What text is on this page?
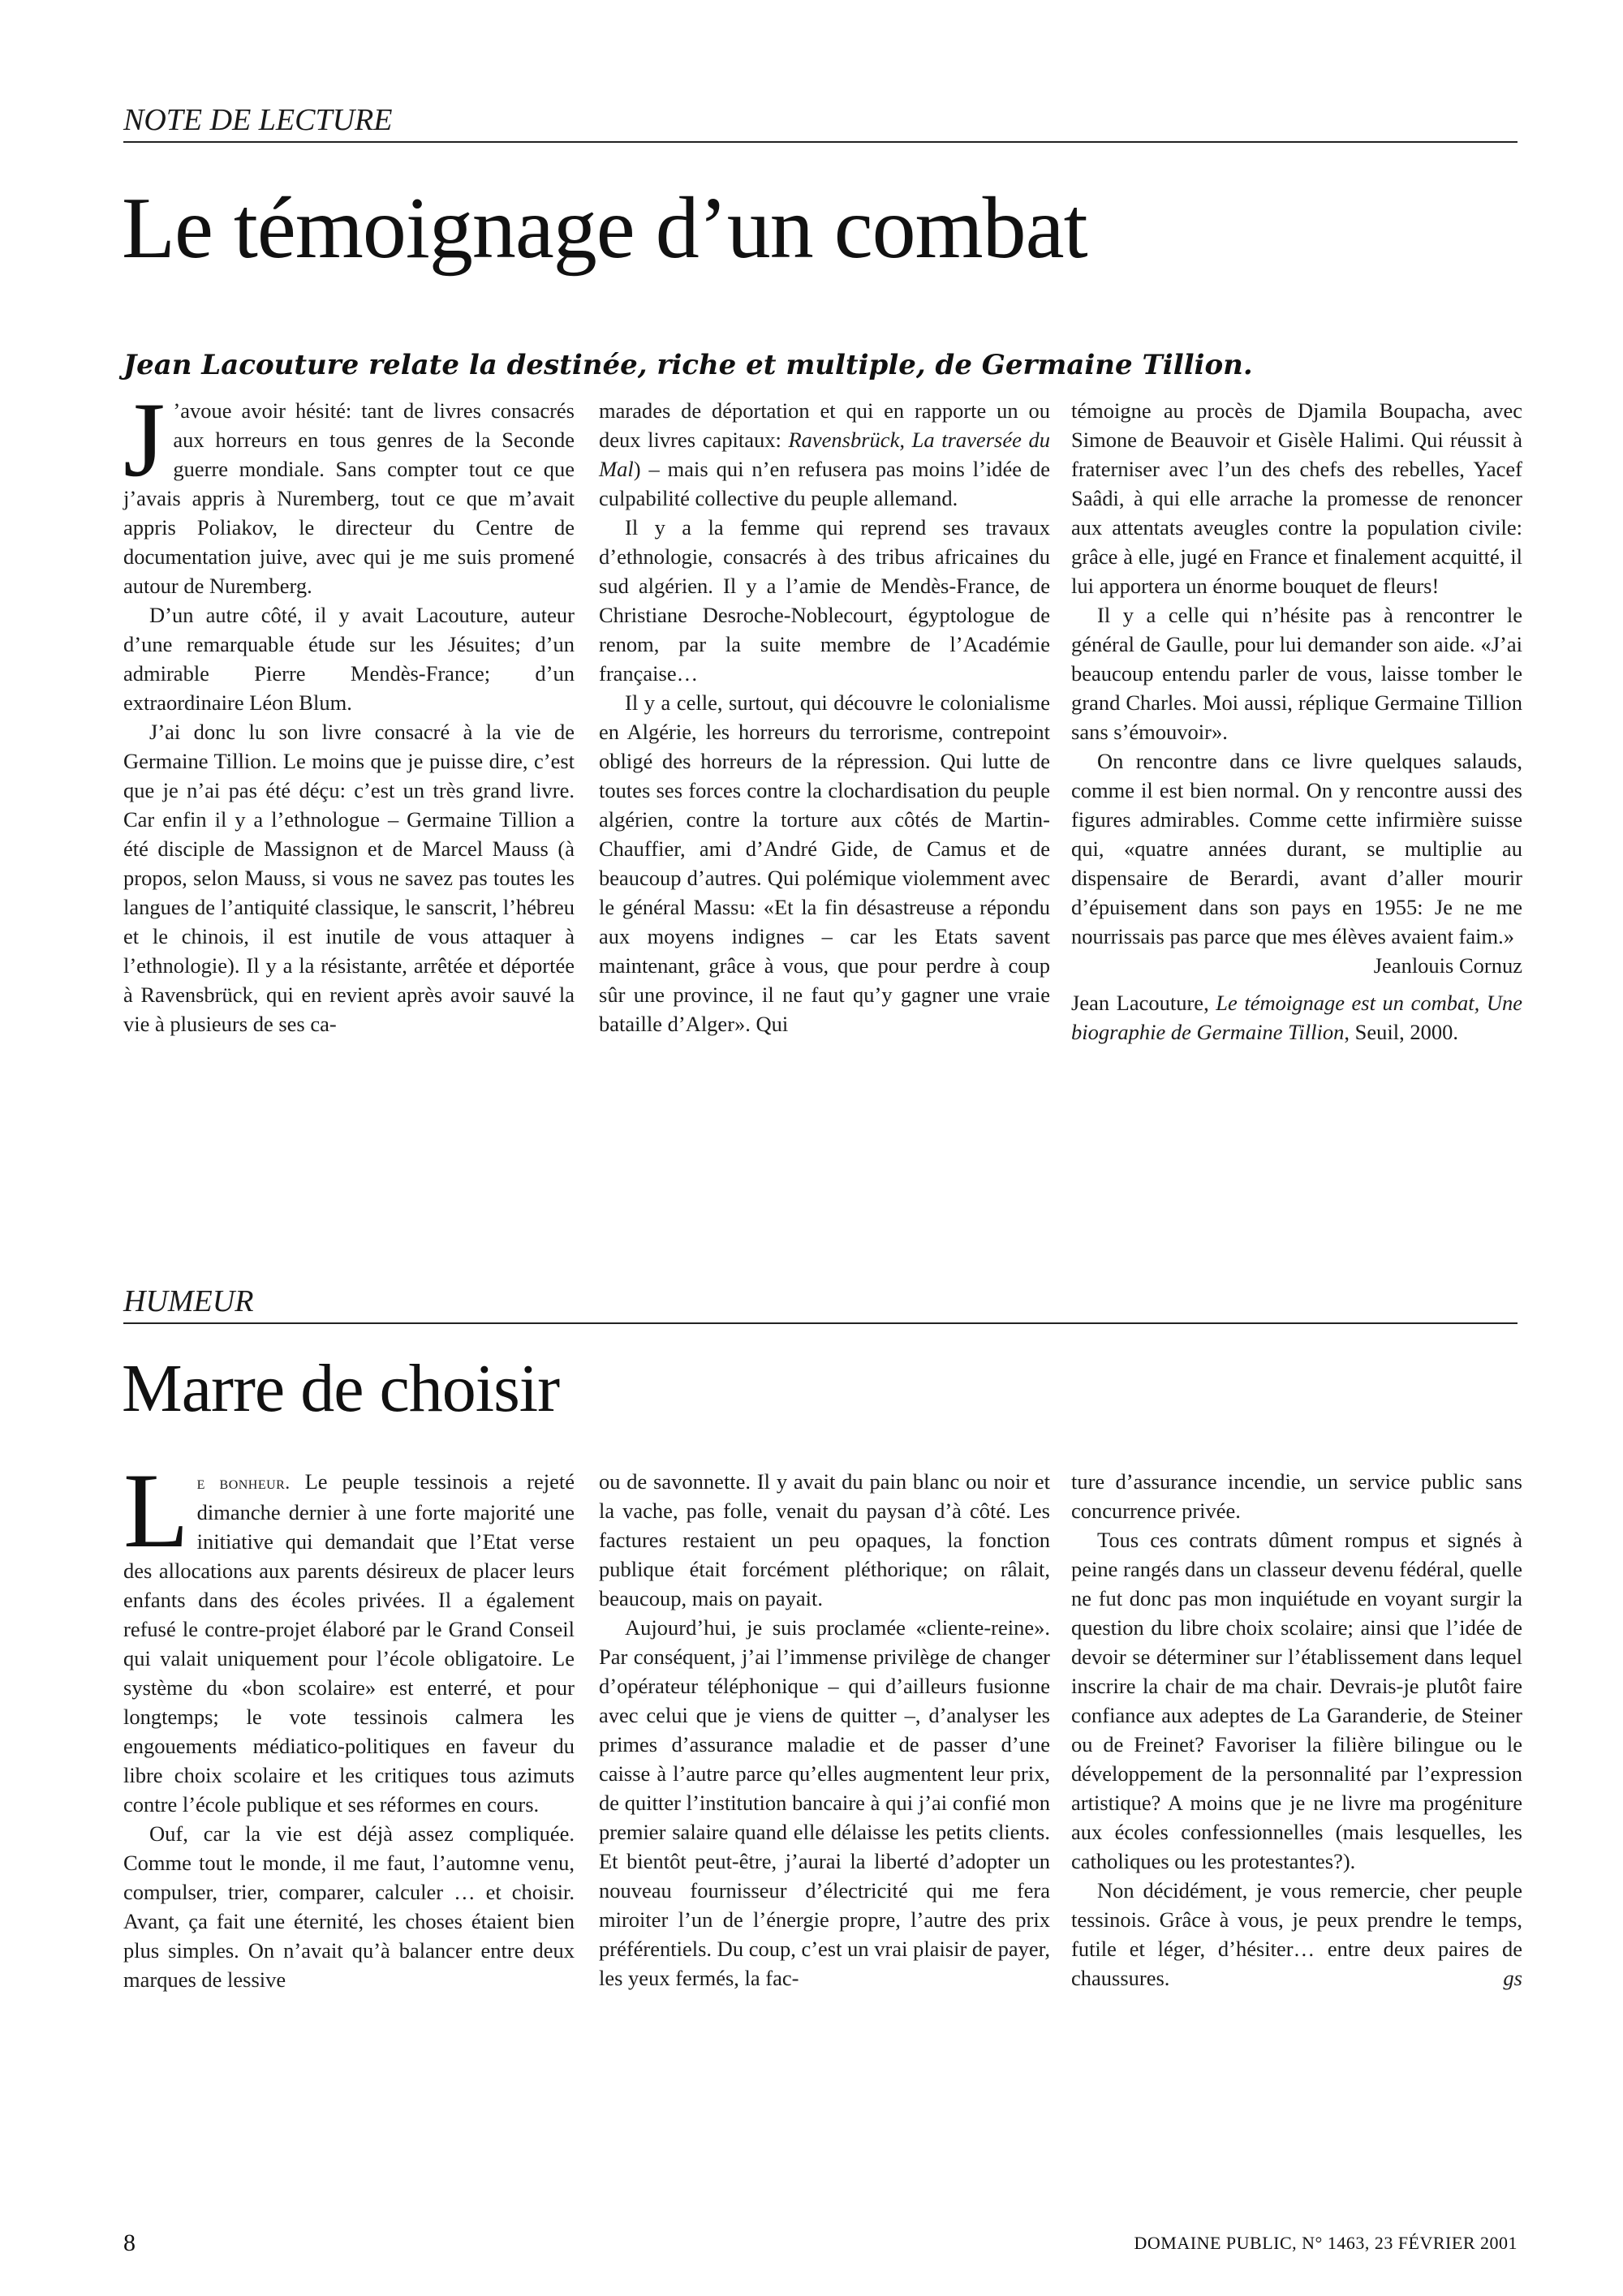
NOTE DE LECTURE
Le témoignage d’un combat
Jean Lacouture relate la destinée, riche et multiple, de Germaine Tillion.

J ’avoue avoir hésité: tant de livres consacrés aux horreurs en tous genres de la Seconde guerre mondiale. Sans compter tout ce que j’avais appris à Nuremberg, tout ce que m’avait appris Poliakov, le directeur du Centre de documentation juive, avec qui je me suis promené autour de Nuremberg.

D’un autre côté, il y avait Lacouture, auteur d’une remarquable étude sur les Jésuites; d’un admirable Pierre Mendès-France; d’un extraordinaire Léon Blum.

J’ai donc lu son livre consacré à la vie de Germaine Tillion. Le moins que je puisse dire, c’est que je n’ai pas été déçu: c’est un très grand livre. Car enfin il y a l’ethnologue – Germaine Tillion a été disciple de Massignon et de Marcel Mauss (à propos, selon Mauss, si vous ne savez pas toutes les langues de l’antiquité classique, le sanscrit, l’hébreu et le chinois, il est inutile de vous attaquer à l’ethnologie). Il y a la résistante, arrêtée et déportée à Ravensbrück, qui en revient après avoir sauvé la vie à plusieurs de ses ca-

marades de déportation et qui en rapporte un ou deux livres capitaux: Ravensbrück, La traversée du Mal) – mais qui n’en refusera pas moins l’idée de culpabilité collective du peuple allemand.

Il y a la femme qui reprend ses travaux d’ethnologie, consacrés à des tribus africaines du sud algérien. Il y a l’amie de Mendès-France, de Christiane Desroche-Noblecourt, égyptologue de renom, par la suite membre de l’Académie française…

Il y a celle, surtout, qui découvre le colonialisme en Algérie, les horreurs du terrorisme, contrepoint obligé des horreurs de la répression. Qui lutte de toutes ses forces contre la clochardisation du peuple algérien, contre la torture aux côtés de Martin-Chauffier, ami d’André Gide, de Camus et de beaucoup d’autres. Qui polémique violemment avec le général Massu: «Et la fin désastreuse a répondu aux moyens indignes – car les Etats savent maintenant, grâce à vous, que pour perdre à coup sûr une province, il ne faut qu’y gagner une vraie bataille d’Alger». Qui

témoigne au procès de Djamila Boupacha, avec Simone de Beauvoir et Gisèle Halimi. Qui réussit à fraterniser avec l’un des chefs des rebelles, Yacef Saâdi, à qui elle arrache la promesse de renoncer aux attentats aveugles contre la population civile: grâce à elle, jugé en France et finalement acquitté, il lui apportera un énorme bouquet de fleurs!

Il y a celle qui n’hésite pas à rencontrer le général de Gaulle, pour lui demander son aide. «J’ai beaucoup entendu parler de vous, laisse tomber le grand Charles. Moi aussi, réplique Germaine Tillion sans s’émouvoir».

On rencontre dans ce livre quelques salauds, comme il est bien normal. On y rencontre aussi des figures admirables. Comme cette infirmière suisse qui, «quatre années durant, se multiplie au dispensaire de Berardi, avant d’aller mourir d’épuisement dans son pays en 1955: Je ne me nourrissais pas parce que mes élèves avaient faim.»

Jeanlouis Cornuz

Jean Lacouture, Le témoignage est un combat, Une biographie de Germaine Tillion, Seuil, 2000.

HUMEUR
Marre de choisir

Le bonheur. Le peuple tessinois a rejeté dimanche dernier à une forte majorité une initiative qui demandait que l’Etat verse des allocations aux parents désireux de placer leurs enfants dans des écoles privées. Il a également refusé le contre-projet élaboré par le Grand Conseil qui valait uniquement pour l’école obligatoire. Le système du «bon scolaire» est enterré, et pour longtemps; le vote tessinois calmera les engouements médiatico-politiques en faveur du libre choix scolaire et les critiques tous azimuts contre l’école publique et ses réformes en cours.

Ouf, car la vie est déjà assez compliquée. Comme tout le monde, il me faut, l’automne venu, compulser, trier, comparer, calculer … et choisir. Avant, ça fait une éternité, les choses étaient bien plus simples. On n’avait qu’à balancer entre deux marques de lessive

ou de savonnette. Il y avait du pain blanc ou noir et la vache, pas folle, venait du paysan d’à côté. Les factures restaient un peu opaques, la fonction publique était forcément pléthorique; on râlait, beaucoup, mais on payait.

Aujourd’hui, je suis proclamée «cliente-reine». Par conséquent, j’ai l’immense privilège de changer d’opérateur téléphonique – qui d’ailleurs fusionne avec celui que je viens de quitter –, d’analyser les primes d’assurance maladie et de passer d’une caisse à l’autre parce qu’elles augmentent leur prix, de quitter l’institution bancaire à qui j’ai confié mon premier salaire quand elle délaisse les petits clients. Et bientôt peut-être, j’aurai la liberté d’adopter un nouveau fournisseur d’électricité qui me fera miroiter l’un de l’énergie propre, l’autre des prix préférentiels. Du coup, c’est un vrai plaisir de payer, les yeux fermés, la fac-

ture d’assurance incendie, un service public sans concurrence privée.

Tous ces contrats dûment rompus et signés à peine rangés dans un classeur devenu fédéral, quelle ne fut donc pas mon inquiétude en voyant surgir la question du libre choix scolaire; ainsi que l’idée de devoir se déterminer sur l’établissement dans lequel inscrire la chair de ma chair. Devrais-je plutôt faire confiance aux adeptes de La Garanderie, de Steiner ou de Freinet? Favoriser la filière bilingue ou le développement de la personnalité par l’expression artistique? A moins que je ne livre ma progéniture aux écoles confessionnelles (mais lesquelles, les catholiques ou les protestantes?).

Non décidément, je vous remercie, cher peuple tessinois. Grâce à vous, je peux prendre le temps, futile et léger, d’hésiter… entre deux paires de chaussures.	gs

8	DOMAINE PUBLIC, N° 1463, 23 FÉVRIER 2001
